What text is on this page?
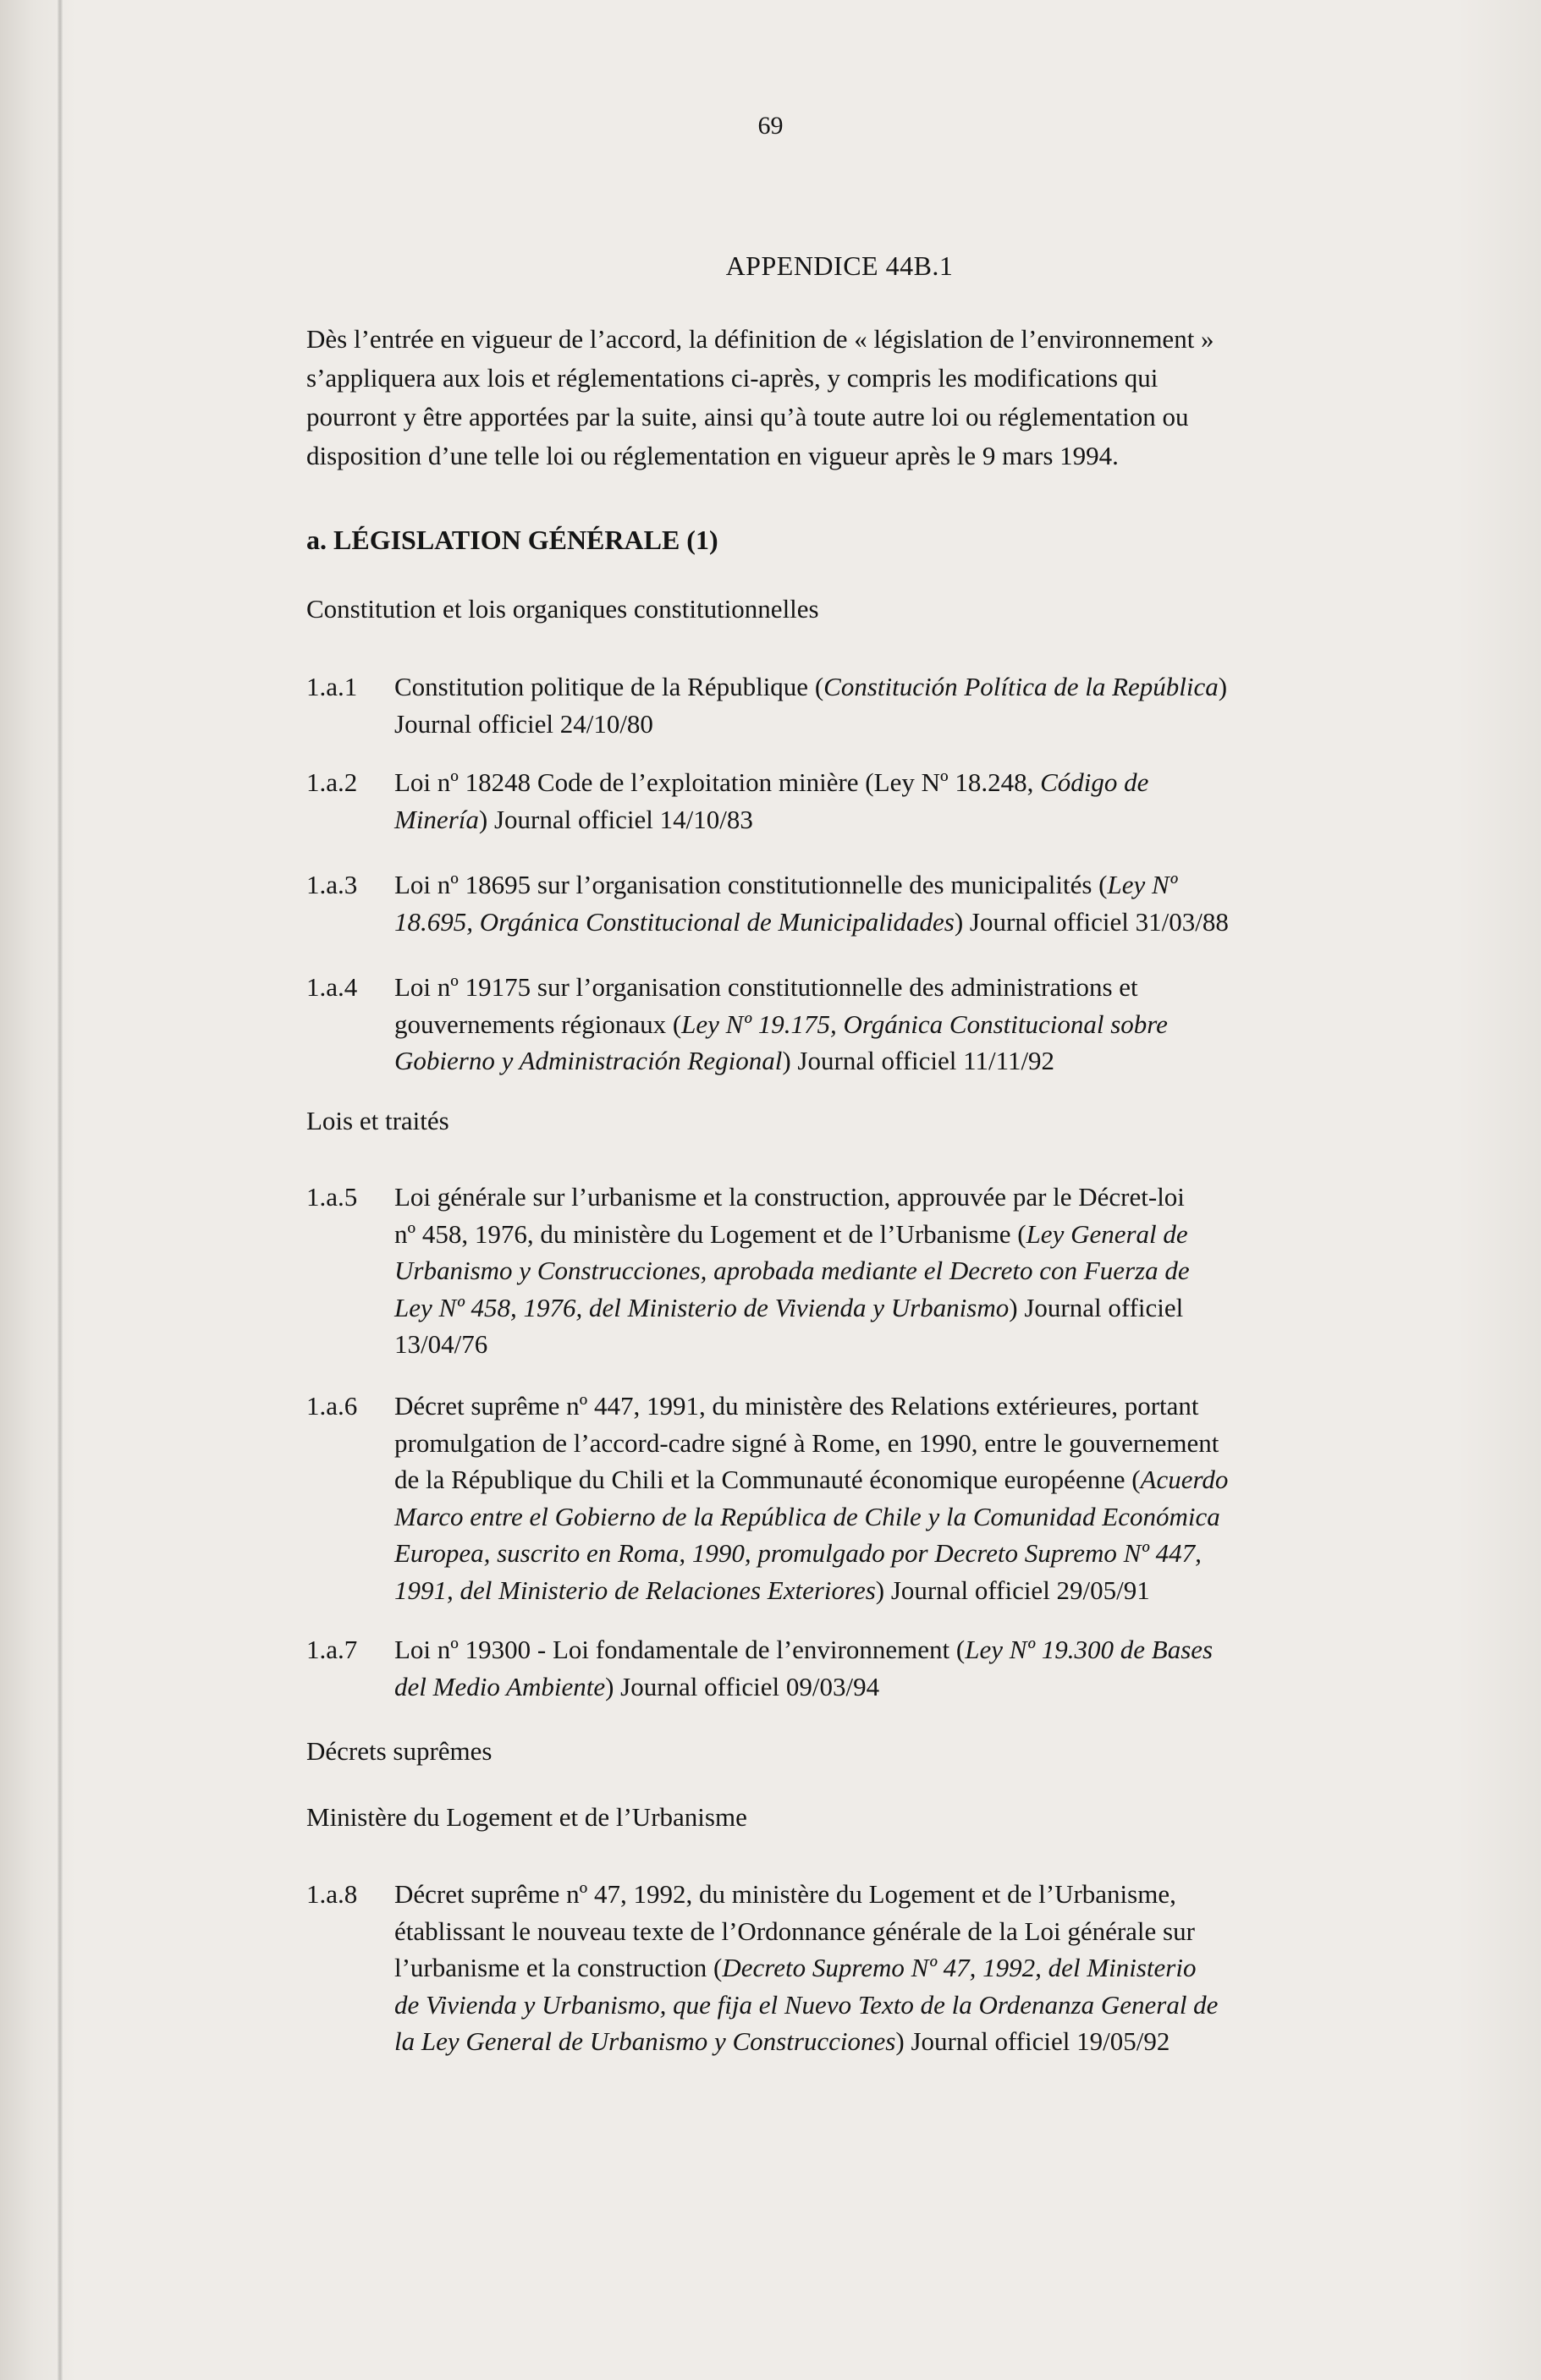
69
APPENDICE 44B.1
Dès l’entrée en vigueur de l’accord, la définition de « législation de l’environnement »
s’appliquera aux lois et réglementations ci-après, y compris les modifications qui
pourront y être apportées par la suite, ainsi qu’à toute autre loi ou réglementation ou
disposition d’une telle loi ou réglementation en vigueur après le 9 mars 1994.
a. LÉGISLATION GÉNÉRALE (1)
Constitution et lois organiques constitutionnelles
1.a.1 Constitution politique de la République (Constitución Política de la República)
Journal officiel 24/10/80
1.a.2 Loi nº 18248 Code de l’exploitation minière (Ley Nº 18.248, Código de
Minería) Journal officiel 14/10/83
1.a.3 Loi nº 18695 sur l’organisation constitutionnelle des municipalités (Ley Nº
18.695, Orgánica Constitucional de Municipalidades) Journal officiel 31/03/88
1.a.4 Loi nº 19175 sur l’organisation constitutionnelle des administrations et
gouvernements régionaux (Ley Nº 19.175, Orgánica Constitucional sobre
Gobierno y Administración Regional) Journal officiel 11/11/92
Lois et traités
1.a.5 Loi générale sur l’urbanisme et la construction, approuvée par le Décret-loi
nº 458, 1976, du ministère du Logement et de l’Urbanisme (Ley General de
Urbanismo y Construcciones, aprobada mediante el Decreto con Fuerza de
Ley Nº 458, 1976, del Ministerio de Vivienda y Urbanismo) Journal officiel
13/04/76
1.a.6 Décret suprême nº 447, 1991, du ministère des Relations extérieures, portant
promulgation de l’accord-cadre signé à Rome, en 1990, entre le gouvernement
de la République du Chili et la Communauté économique européenne (Acuerdo
Marco entre el Gobierno de la República de Chile y la Comunidad Económica
Europea, suscrito en Roma, 1990, promulgado por Decreto Supremo Nº 447,
1991, del Ministerio de Relaciones Exteriores) Journal officiel 29/05/91
1.a.7 Loi nº 19300 - Loi fondamentale de l’environnement (Ley Nº 19.300 de Bases
del Medio Ambiente) Journal officiel 09/03/94
Décrets suprêmes
Ministère du Logement et de l’Urbanisme
1.a.8 Décret suprême nº 47, 1992, du ministère du Logement et de l’Urbanisme,
établissant le nouveau texte de l’Ordonnance générale de la Loi générale sur
l’urbanisme et la construction (Decreto Supremo Nº 47, 1992, del Ministerio
de Vivienda y Urbanismo, que fija el Nuevo Texto de la Ordenanza General de
la Ley General de Urbanismo y Construcciones) Journal officiel 19/05/92
